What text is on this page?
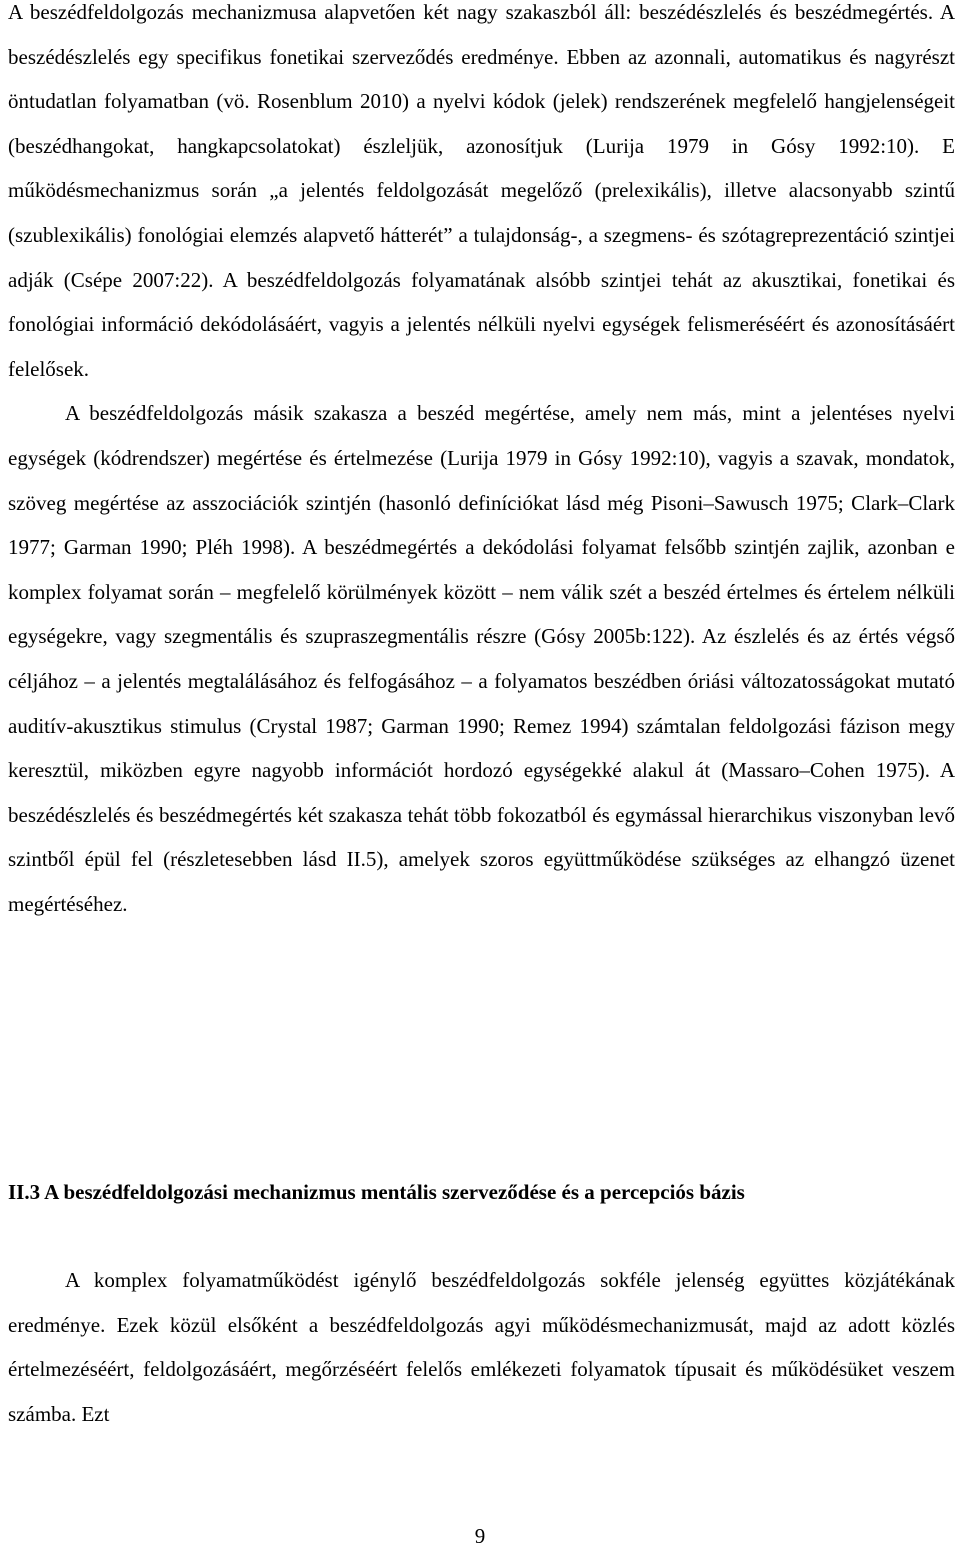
A beszédfeldolgozás mechanizmusa alapvetően két nagy szakaszból áll: beszédészlelés és beszédmegértés. A beszédészlelés egy specifikus fonetikai szerveződés eredménye. Ebben az azonnali, automatikus és nagyrészt öntudatlan folyamatban (vö. Rosenblum 2010) a nyelvi kódok (jelek) rendszerének megfelelő hangjelenségeit (beszédhangokat, hangkapcsolatokat) észleljük, azonosítjuk (Lurija 1979 in Gósy 1992:10). E működésmechanizmus során „a jelentés feldolgozását megelőző (prelexikális), illetve alacsonyabb szintű (szublexikális) fonológiai elemzés alapvető hátterét” a tulajdonság-, a szegmens- és szótagreprezentáció szintjei adják (Csépe 2007:22). A beszédfeldolgozás folyamatának alsóbb szintjei tehát az akusztikai, fonetikai és fonológiai információ dekódolásáért, vagyis a jelentés nélküli nyelvi egységek felismeréséért és azonosításáért felelősek.

A beszédfeldolgozás másik szakasza a beszéd megértése, amely nem más, mint a jelentéses nyelvi egységek (kódrendszer) megértése és értelmezése (Lurija 1979 in Gósy 1992:10), vagyis a szavak, mondatok, szöveg megértése az asszociációk szintjén (hasonló definíciókat lásd még Pisoni–Sawusch 1975; Clark–Clark 1977; Garman 1990; Pléh 1998). A beszédmegértés a dekódolási folyamat felsőbb szintjén zajlik, azonban e komplex folyamat során – megfelelő körülmények között – nem válik szét a beszéd értelmes és értelem nélküli egységekre, vagy szegmentális és szupraszegmentális részre (Gósy 2005b:122). Az észlelés és az értés végső céljához – a jelentés megtalálásához és felfogásához – a folyamatos beszédben óriási változatosságokat mutató auditív-akusztikus stimulus (Crystal 1987; Garman 1990; Remez 1994) számtalan feldolgozási fázison megy keresztül, miközben egyre nagyobb információt hordozó egységekké alakul át (Massaro–Cohen 1975). A beszédészlelés és beszédmegértés két szakasza tehát több fokozatból és egymással hierarchikus viszonyban levő szintből épül fel (részletesebben lásd II.5), amelyek szoros együttműködése szükséges az elhangzó üzenet megértéséhez.

II.3 A beszédfeldolgozási mechanizmus mentális szerveződése és a percepciós bázis

A komplex folyamatműködést igénylő beszédfeldolgozás sokféle jelenség együttes közjátékának eredménye. Ezek közül elsőként a beszédfeldolgozás agyi működésmechanizmusát, majd az adott közlés értelmezéséért, feldolgozásáért, megőrzéséért felelős emlékezeti folyamatok típusait és működésüket veszem számba. Ezt

9
